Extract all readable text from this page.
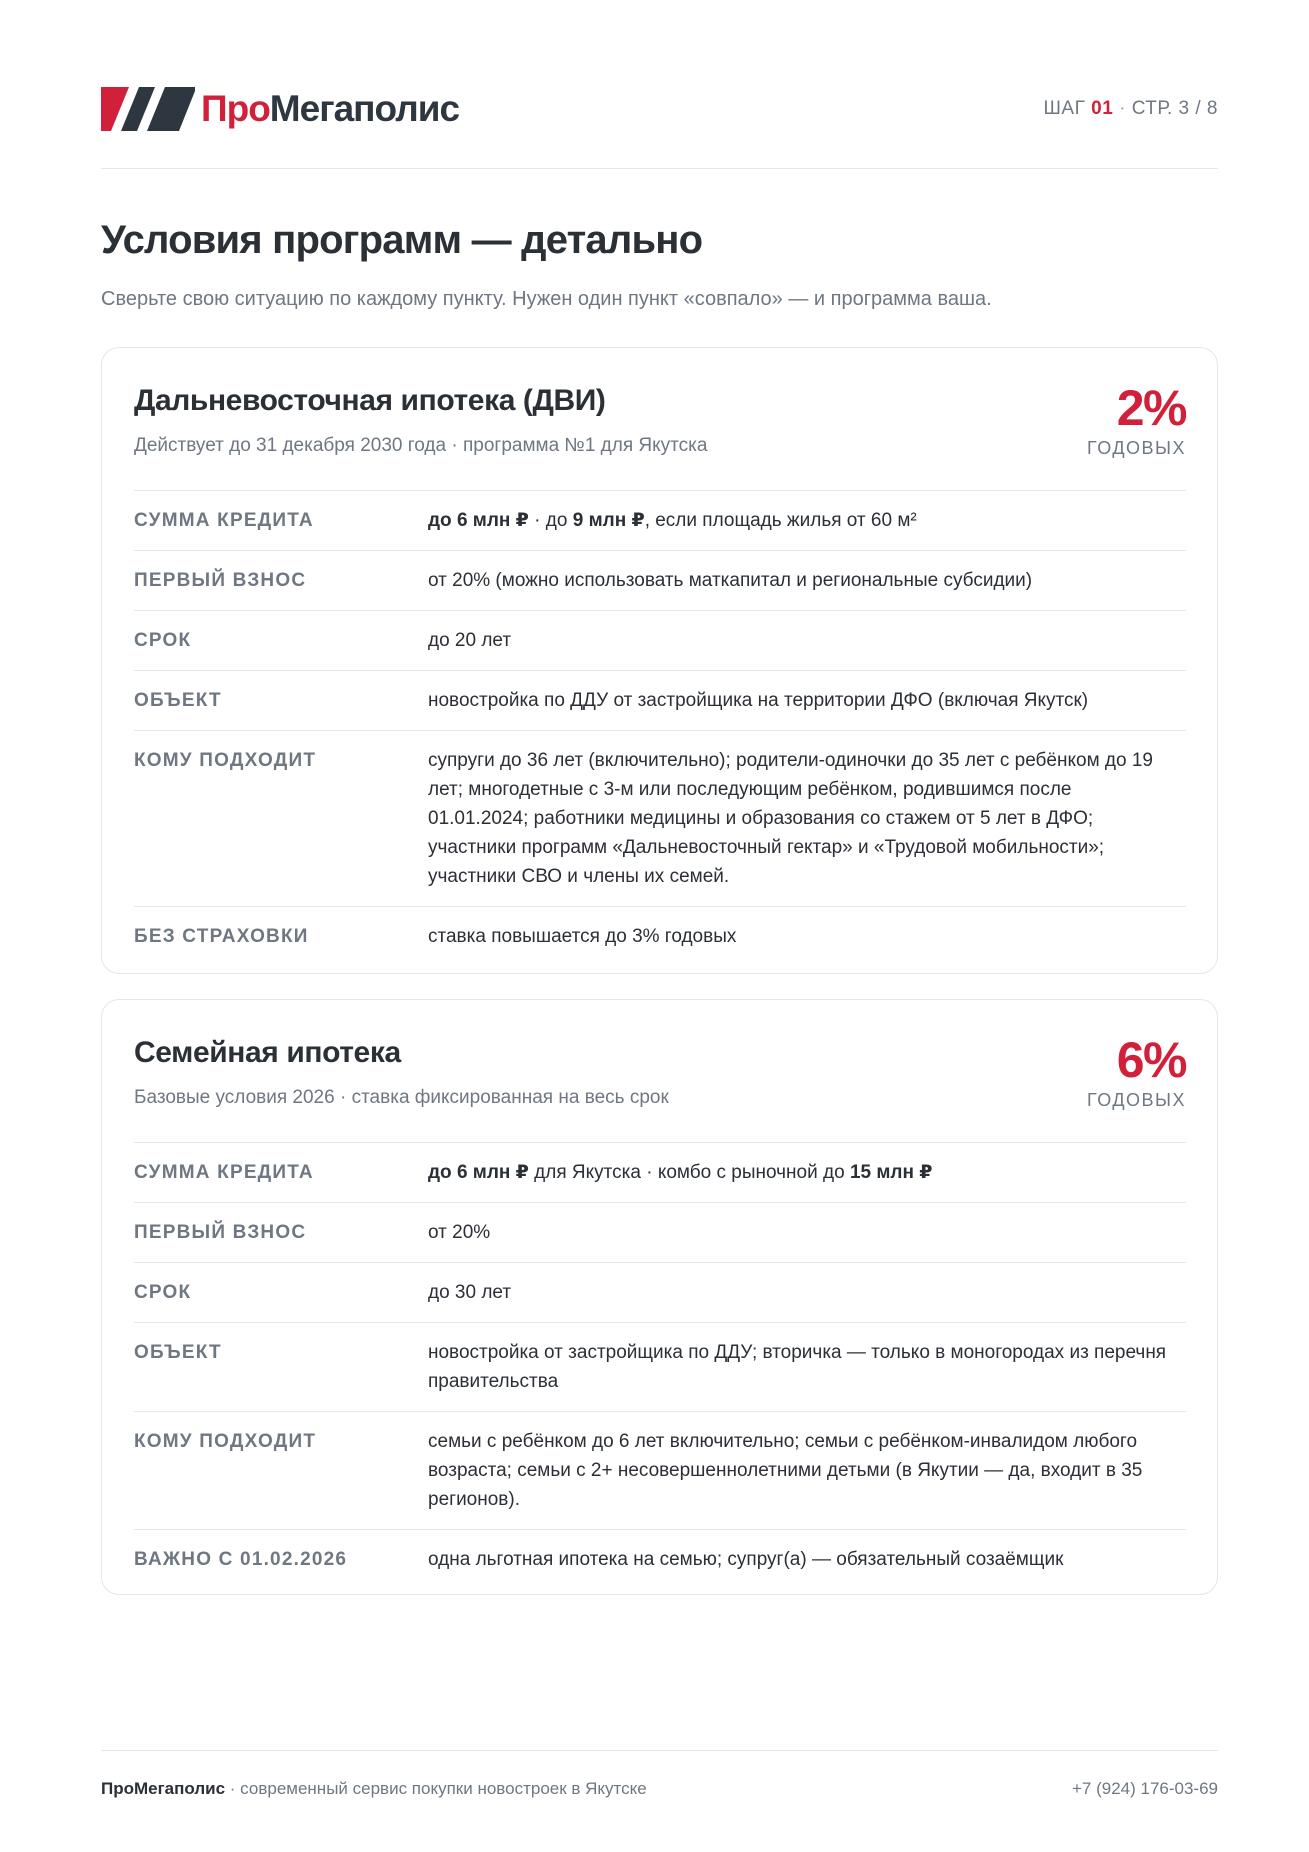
ПроМегаполис	ШАГ 01 · СТР. 3 / 8
Условия программ — детально

Сверьте свою ситуацию по каждому пункту. Нужен один пункт «совпало» — и программа ваша.

Дальневосточная ипотека (ДВИ)

Действует до 31 декабря 2030 года · программа №1 для Якутска

2%
ГОДОВЫХ
СУММА КРЕДИТА	до 6 млн ₽ · до 9 млн ₽, если площадь жилья от 60 м²
ПЕРВЫЙ ВЗНОС	от 20% (можно использовать маткапитал и региональные субсидии)
СРОК	до 20 лет
ОБЪЕКТ	новостройка по ДДУ от застройщика на территории ДФО (включая Якутск)
КОМУ ПОДХОДИТ	супруги до 36 лет (включительно); родители-одиночки до 35 лет с ребёнком до 19 лет; многодетные с 3-м или последующим ребёнком, родившимся после 01.01.2024; работники медицины и образования со стажем от 5 лет в ДФО; участники программ «Дальневосточный гектар» и «Трудовой мобильности»; участники СВО и члены их семей.
БЕЗ СТРАХОВКИ	ставка повышается до 3% годовых
Семейная ипотека

Базовые условия 2026 · ставка фиксированная на весь срок

6%
ГОДОВЫХ
СУММА КРЕДИТА	до 6 млн ₽ для Якутска · комбо с рыночной до 15 млн ₽
ПЕРВЫЙ ВЗНОС	от 20%
СРОК	до 30 лет
ОБЪЕКТ	новостройка от застройщика по ДДУ; вторичка — только в моногородах из перечня правительства
КОМУ ПОДХОДИТ	семьи с ребёнком до 6 лет включительно; семьи с ребёнком-инвалидом любого возраста; семьи с 2+ несовершеннолетними детьми (в Якутии — да, входит в 35 регионов).
ВАЖНО С 01.02.2026	одна льготная ипотека на семью; супруг(а) — обязательный созаёмщик
ПроМегаполис · современный сервис покупки новостроек в Якутске	+7 (924) 176-03-69
